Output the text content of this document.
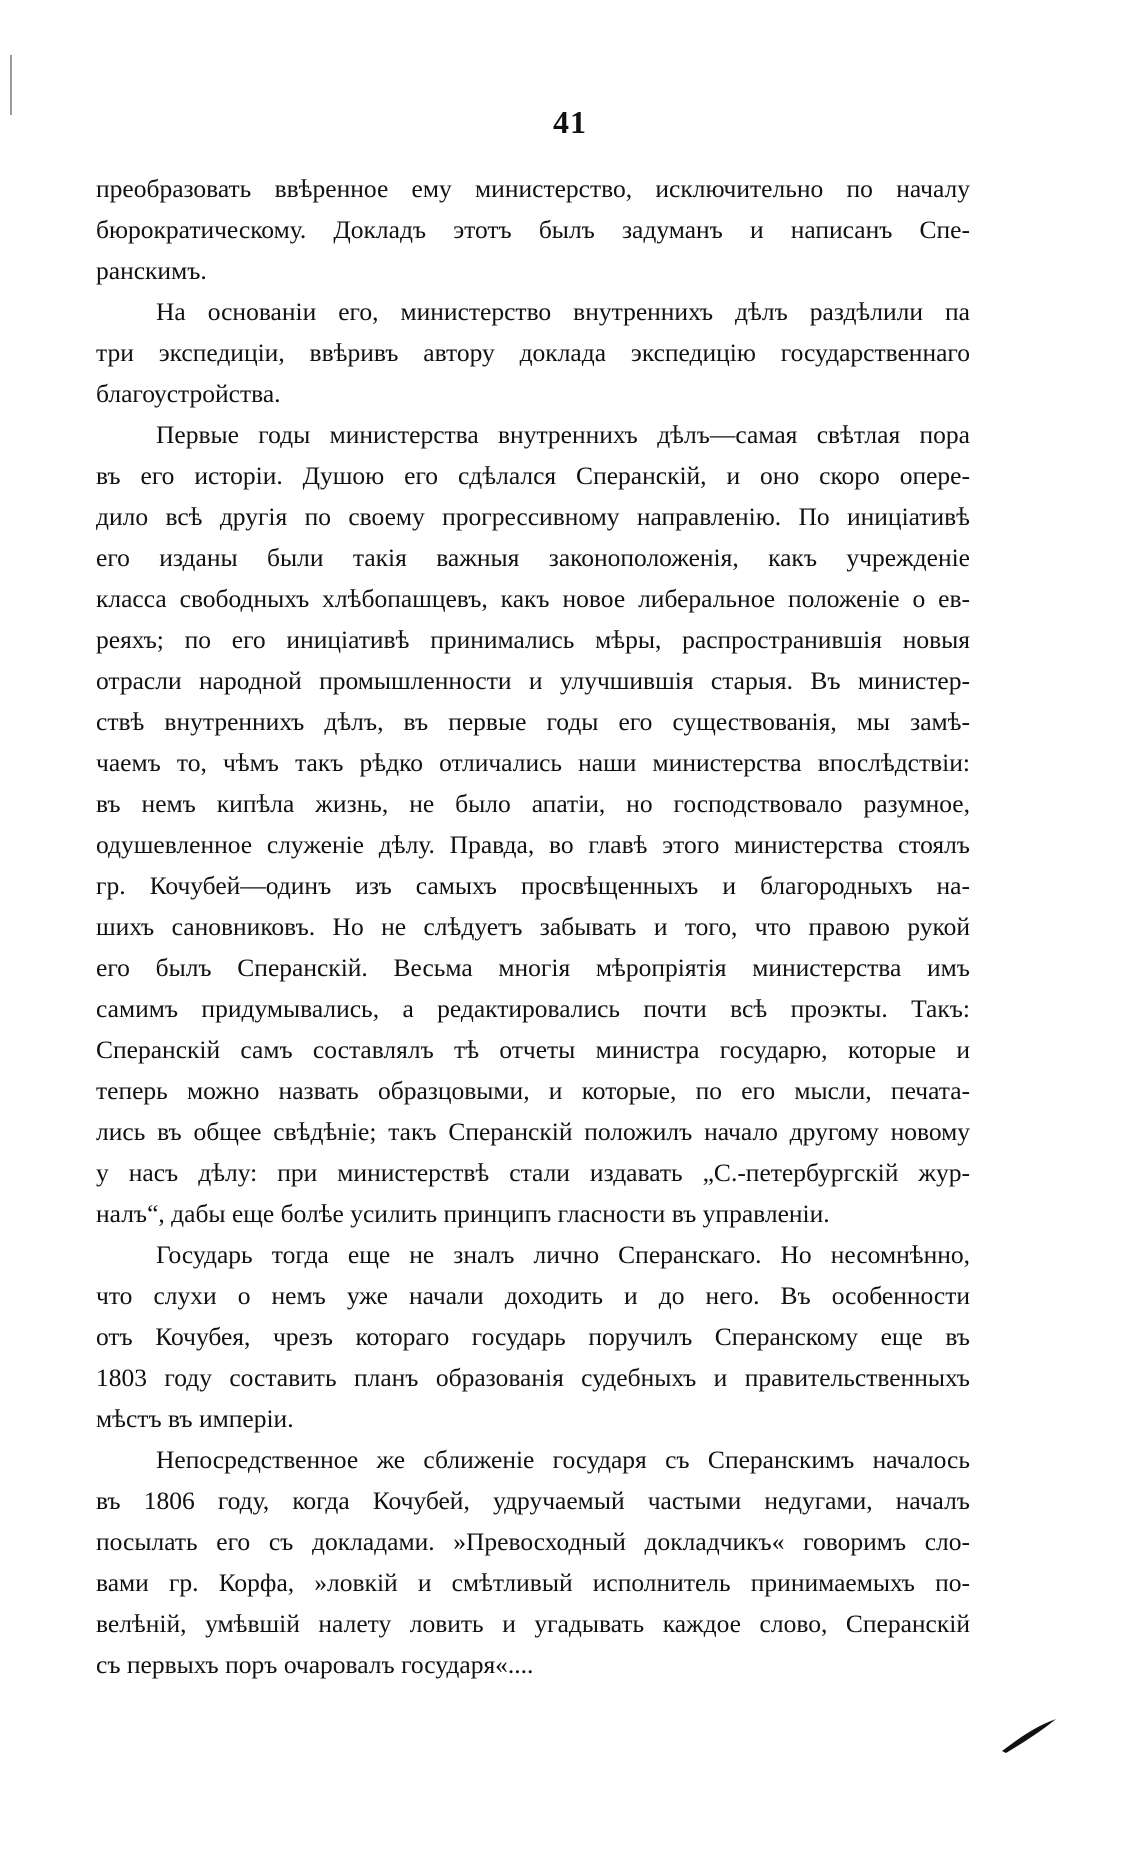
41
преобразовать ввѣренное ему министерство, исключительно по началу
бюрократическому. Докладъ этотъ былъ задуманъ и написанъ Спе-
ранскимъ.
На основаніи его, министерство внутреннихъ дѣлъ раздѣлили па
три экспедиціи, ввѣривъ автору доклада экспедицію государственнаго
благоустройства.
Первые годы министерства внутреннихъ дѣлъ—самая свѣтлая пора
въ его исторіи. Душою его сдѣлался Сперанскій, и оно скоро опере-
дило всѣ другія по своему прогрессивному направленію. По иниціативѣ
его изданы были такія важныя законоположенія, какъ учрежденіе
класса свободныхъ хлѣбопашцевъ, какъ новое либеральное положеніе о ев-
реяхъ; по его иниціативѣ принимались мѣры, распространившія новыя
отрасли народной промышленности и улучшившія старыя. Въ министер-
ствѣ внутреннихъ дѣлъ, въ первые годы его существованія, мы замѣ-
чаемъ то, чѣмъ такъ рѣдко отличались наши министерства впослѣдствіи:
въ немъ кипѣла жизнь, не было апатіи, но господствовало разумное,
одушевленное служеніе дѣлу. Правда, во главѣ этого министерства стоялъ
гр. Кочубей—одинъ изъ самыхъ просвѣщенныхъ и благородныхъ на-
шихъ сановниковъ. Но не слѣдуетъ забывать и того, что правою рукой
его былъ Сперанскій. Весьма многія мѣропріятія министерства имъ
самимъ придумывались, а редактировались почти всѣ проэкты. Такъ:
Сперанскій самъ составлялъ тѣ отчеты министра государю, которые и
теперь можно назвать образцовыми, и которые, по его мысли, печата-
лись въ общее свѣдѣніе; такъ Сперанскій положилъ начало другому новому
у насъ дѣлу: при министерствѣ стали издавать „С.-петербургскій жур-
налъ“, дабы еще болѣе усилить принципъ гласности въ управленіи.
Государь тогда еще не зналъ лично Сперанскаго. Но несомнѣнно,
что слухи о немъ уже начали доходить и до него. Въ особенности
отъ Кочубея, чрезъ котораго государь поручилъ Сперанскому еще въ
1803 году составить планъ образованія судебныхъ и правительственныхъ
мѣстъ въ имперіи.
Непосредственное же сближеніе государя съ Сперанскимъ началось
въ 1806 году, когда Кочубей, удручаемый частыми недугами, началъ
посылать его съ докладами. »Превосходный докладчикъ« говоримъ сло-
вами гр. Корфа, »ловкій и смѣтливый исполнитель принимаемыхъ по-
велѣній, умѣвшій налету ловить и угадывать каждое слово, Сперанскій
съ первыхъ поръ очаровалъ государя«....
